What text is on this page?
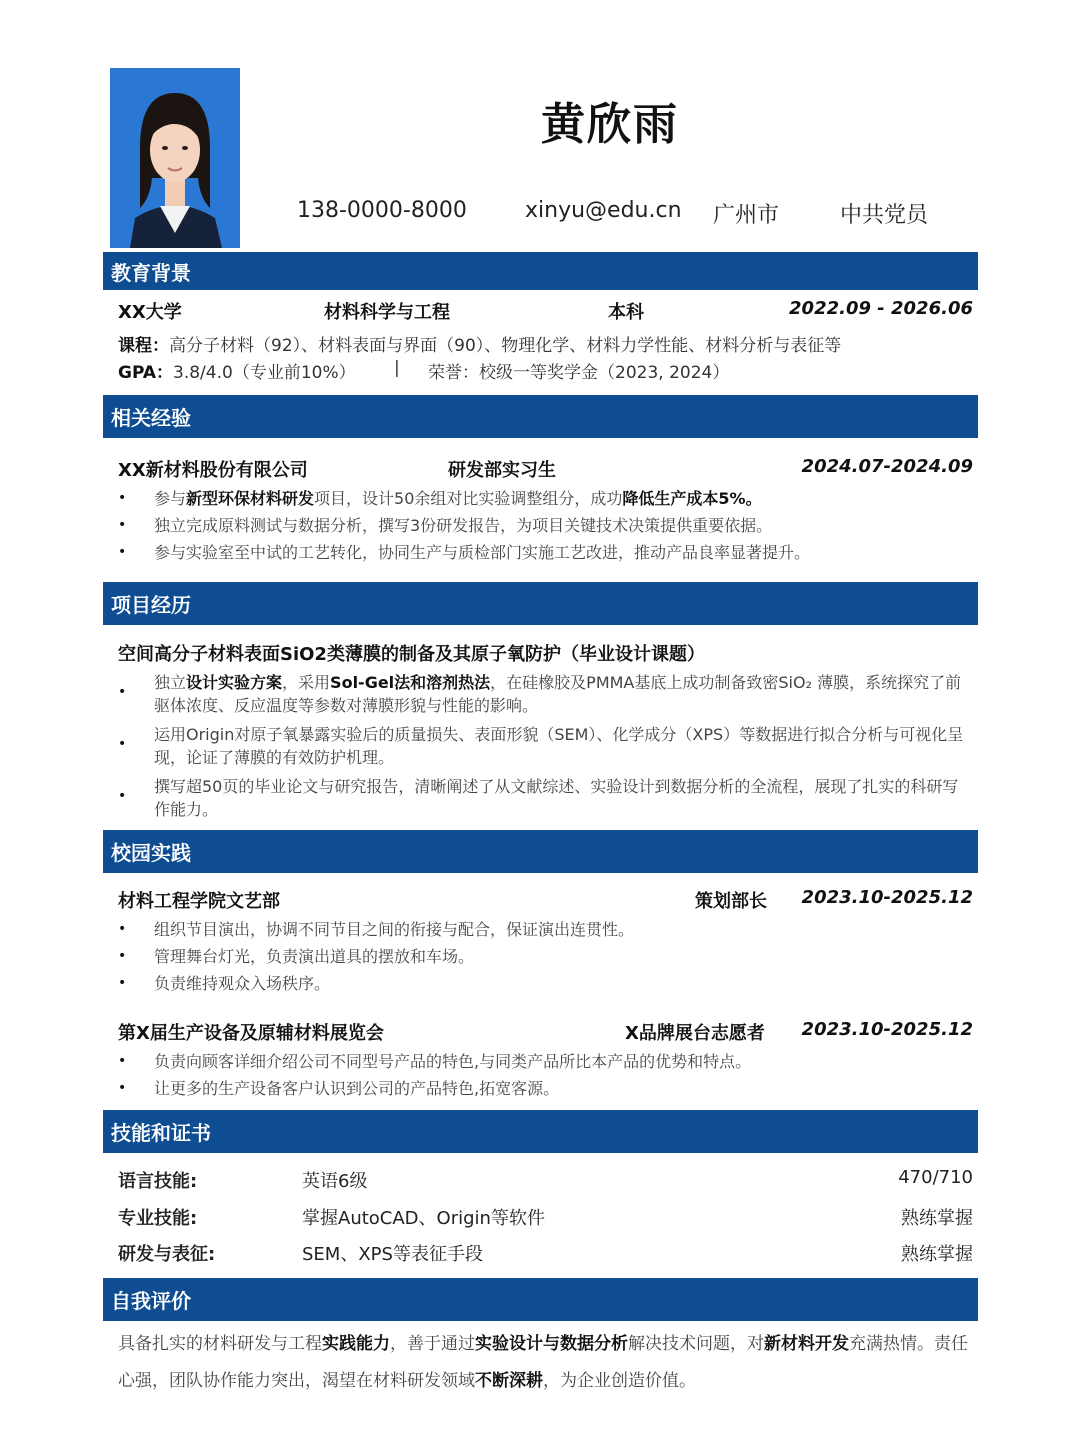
黄欣雨
138-0000-8000	xinyu@edu.cn 广州市	中共党员
教育背景
XX大学	材料科学与工程	本科	2022.09 - 2026.06
课程：高分子材料（92）、材料表面与界面（90）、物理化学、材料力学性能、材料分析与表征等
GPA：3.8/4.0（专业前10%） | 荣誉：校级一等奖学金（2023, 2024）
相关经验
XX新材料股份有限公司	研发部实习生	2024.07-2024.09
•	参与新型环保材料研发项目，设计50余组对比实验调整组分，成功降低生产成本5%。
•	独立完成原料测试与数据分析，撰写3份研发报告，为项目关键技术决策提供重要依据。
•	参与实验室至中试的工艺转化，协同生产与质检部门实施工艺改进，推动产品良率显著提升。
项目经历
空间高分子材料表面SiO2类薄膜的制备及其原子氧防护（毕业设计课题）
•	独立设计实验方案，采用Sol-Gel法和溶剂热法，在硅橡胶及PMMA基底上成功制备致密SiO₂ 薄膜，系统探究了前驱体浓度、反应温度等参数对薄膜形貌与性能的影响。
•	运用Origin对原子氧暴露实验后的质量损失、表面形貌（SEM）、化学成分（XPS）等数据进行拟合分析与可视化呈现，论证了薄膜的有效防护机理。
•	撰写超50页的毕业论文与研究报告，清晰阐述了从文献综述、实验设计到数据分析的全流程，展现了扎实的科研写作能力。
校园实践
材料工程学院文艺部	策划部长 2023.10-2025.12
•	组织节目演出，协调不同节目之间的衔接与配合，保证演出连贯性。
•	管理舞台灯光，负责演出道具的摆放和车场。
•	负责维持观众入场秩序。
第X届生产设备及原辅材料展览会	X品牌展台志愿者 2023.10-2025.12
•	负责向顾客详细介绍公司不同型号产品的特色,与同类产品所比本产品的优势和特点。
•	让更多的生产设备客户认识到公司的产品特色,拓宽客源。
技能和证书
语言技能:	英语6级	470/710
专业技能:	掌握AutoCAD、Origin等软件	熟练掌握
研发与表征:	SEM、XPS等表征手段	熟练掌握
自我评价
具备扎实的材料研发与工程实践能力，善于通过实验设计与数据分析解决技术问题，对新材料开发充满热情。责任心强，团队协作能力突出，渴望在材料研发领域不断深耕，为企业创造价值。
